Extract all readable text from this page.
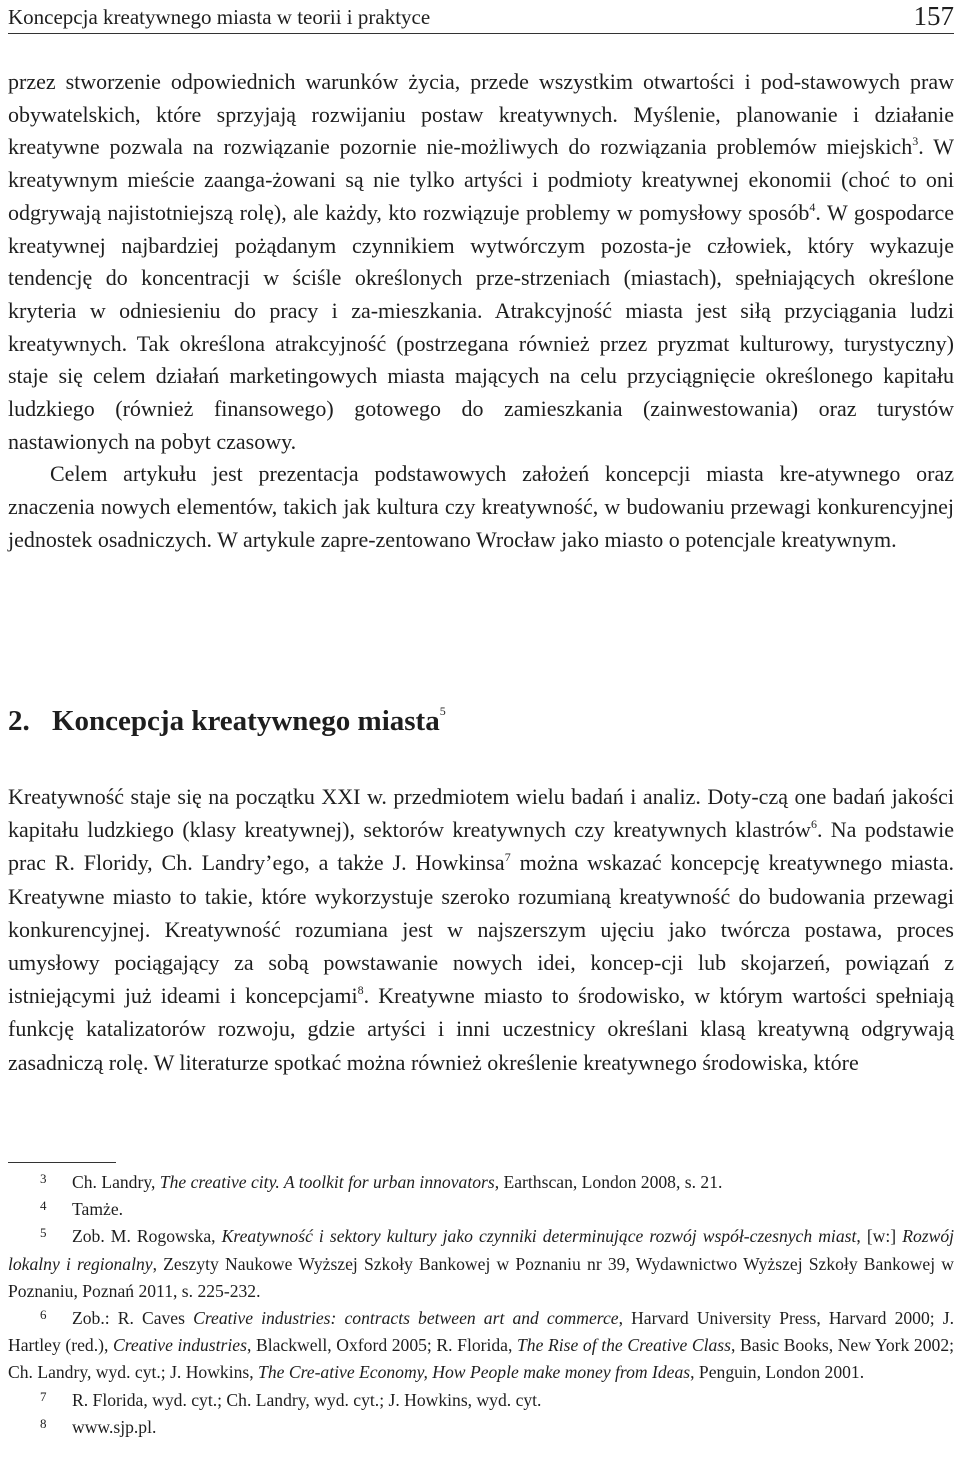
Koncepcja kreatywnego miasta w teorii i praktyce	157

przez stworzenie odpowiednich warunków życia, przede wszystkim otwartości i pod-stawowych praw obywatelskich, które sprzyjają rozwijaniu postaw kreatywnych. Myślenie, planowanie i działanie kreatywne pozwala na rozwiązanie pozornie nie-możliwych do rozwiązania problemów miejskich$^3$. W kreatywnym mieście zaanga-żowani są nie tylko artyści i podmioty kreatywnej ekonomii (choć to oni odgrywają najistotniejszą rolę), ale każdy, kto rozwiązuje problemy w pomysłowy sposób$^4$. W gospodarce kreatywnej najbardziej pożądanym czynnikiem wytwórczym pozosta-je człowiek, który wykazuje tendencję do koncentracji w ściśle określonych prze-strzeniach (miastach), spełniających określone kryteria w odniesieniu do pracy i za-mieszkania. Atrakcyjność miasta jest siłą przyciągania ludzi kreatywnych. Tak określona atrakcyjność (postrzegana również przez pryzmat kulturowy, turystyczny) staje się celem działań marketingowych miasta mających na celu przyciągnięcie określonego kapitału ludzkiego (również finansowego) gotowego do zamieszkania (zainwestowania) oraz turystów nastawionych na pobyt czasowy.

Celem artykułu jest prezentacja podstawowych założeń koncepcji miasta kre-atywnego oraz znaczenia nowych elementów, takich jak kultura czy kreatywność, w budowaniu przewagi konkurencyjnej jednostek osadniczych. W artykule zapre-zentowano Wrocław jako miasto o potencjale kreatywnym.

2. Koncepcja kreatywnego miasta$^5$

Kreatywność staje się na początku XXI w. przedmiotem wielu badań i analiz. Doty-czą one badań jakości kapitału ludzkiego (klasy kreatywnej), sektorów kreatywnych czy kreatywnych klastrów$^6$. Na podstawie prac R. Floridy, Ch. Landry’ego, a także J. Howkinsa$^7$ można wskazać koncepcję kreatywnego miasta. Kreatywne miasto to takie, które wykorzystuje szeroko rozumianą kreatywność do budowania przewagi konkurencyjnej. Kreatywność rozumiana jest w najszerszym ujęciu jako twórcza postawa, proces umysłowy pociągający za sobą powstawanie nowych idei, koncep-cji lub skojarzeń, powiązań z istniejącymi już ideami i koncepcjami$^8$. Kreatywne miasto to środowisko, w którym wartości spełniają funkcję katalizatorów rozwoju, gdzie artyści i inni uczestnicy określani klasą kreatywną odgrywają zasadniczą rolę. W literaturze spotkać można również określenie kreatywnego środowiska, które

3 Ch. Landry, The creative city. A toolkit for urban innovators, Earthscan, London 2008, s. 21.

4 Tamże.

5 Zob. M. Rogowska, Kreatywność i sektory kultury jako czynniki determinujące rozwój współ-czesnych miast, [w:] Rozwój lokalny i regionalny, Zeszyty Naukowe Wyższej Szkoły Bankowej w Poznaniu nr 39, Wydawnictwo Wyższej Szkoły Bankowej w Poznaniu, Poznań 2011, s. 225-232.

6 Zob.: R. Caves Creative industries: contracts between art and commerce, Harvard University Press, Harvard 2000; J. Hartley (red.), Creative industries, Blackwell, Oxford 2005; R. Florida, The Rise of the Creative Class, Basic Books, New York 2002; Ch. Landry, wyd. cyt.; J. Howkins, The Cre-ative Economy, How People make money from Ideas, Penguin, London 2001.

7 R. Florida, wyd. cyt.; Ch. Landry, wyd. cyt.; J. Howkins, wyd. cyt.

8 www.sjp.pl.
